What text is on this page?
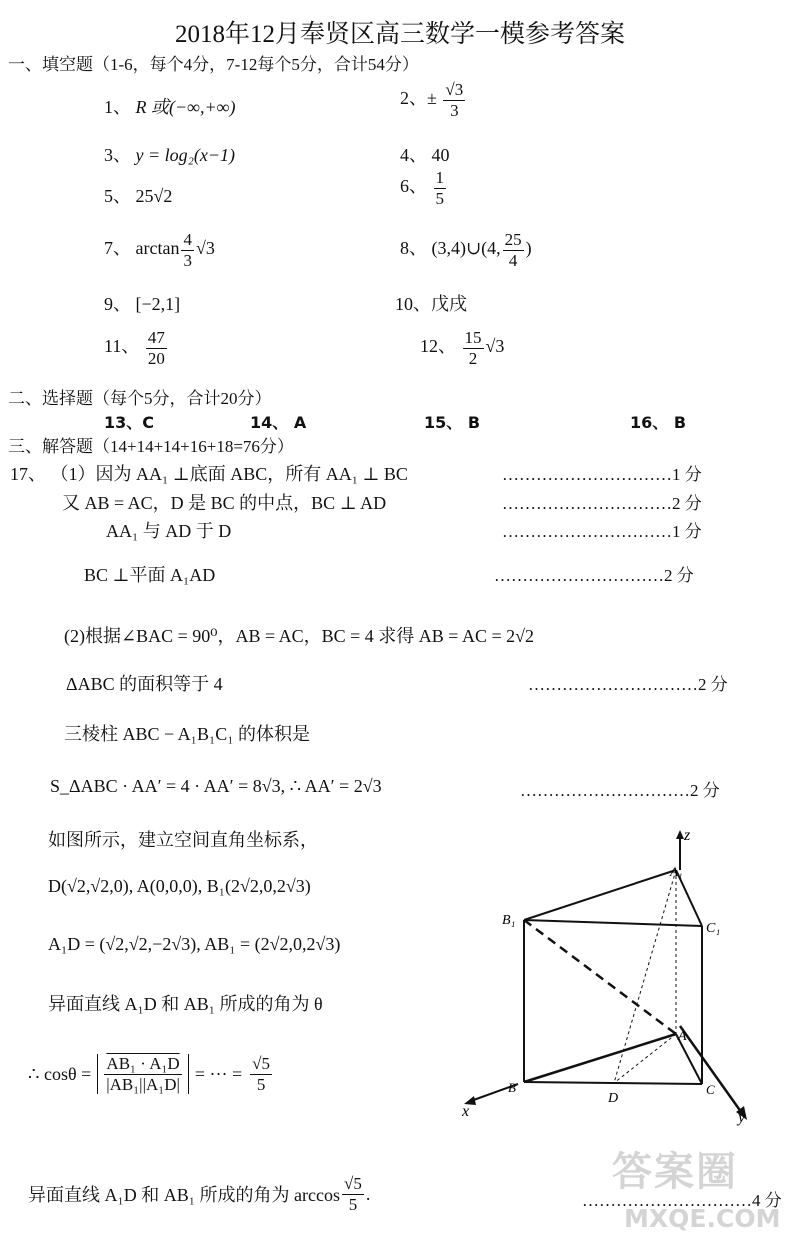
2018年12月奉贤区高三数学一模参考答案
一、填空题（1-6，每个4分，7-12每个5分，合计54分）
1、 R 或(−∞,+∞)	2、± $\frac{√3}{3}$
3、 y = log₂(x−1)	4、 40
5、 25√2	6、 $\frac{1}{5}$
7、 $\arctan \frac{4}{3} √3$	8、 (3,4)∪(4, $\frac{25}{4}$ )
9、 [−2,1]	10、戊戌
11、 $\frac{47}{20}$	12、 $\frac{15}{2} √3$
二、选择题（每个5分，合计20分）
13、C	14、 A	15、 B	16、 B
三、解答题（14+14+14+16+18=76分）
17、 （1）因为 AA₁ ⊥底面 ABC，所有 AA₁ ⊥ BC	…………………………1 分
又 AB = AC，D 是 BC 的中点，BC ⊥ AD	…………………………2 分
AA₁ 与 AD 于 D	…………………………1 分
BC ⊥平面 A₁AD	…………………………2 分
(2)根据∠BAC = 90⁰，AB = AC，BC = 4 求得 AB = AC = 2√2
ΔABC 的面积等于 4	…………………………2 分
三棱柱 ABC − A₁B₁C₁ 的体积是
S_ΔABC · AA′ = 4 · AA′ = 8√3, ∴ AA′ = 2√3	…………………………2 分
如图所示，建立空间直角坐标系，
D(√2,√2,0), A(0,0,0), B₁(2√2,0,2√3)
A₁D = (√2,√2,−2√3), AB₁ = (2√2,0,2√3)
异面直线 A₁D 和 AB₁ 所成的角为 θ
∴ $\cos\theta = \frac{\text{AB₁ · A₁D}}{\text{|AB₁||A₁D|}}$ = ··· = $\frac{√5}{5}$
异面直线 A₁D 和 AB₁ 所成的角为 $\arccos \frac{√5}{5}$ .	…………………………4 分
z
y
x
A₁
B₁
C₁
A
B	C
D
答案圈
MXQE.COM
